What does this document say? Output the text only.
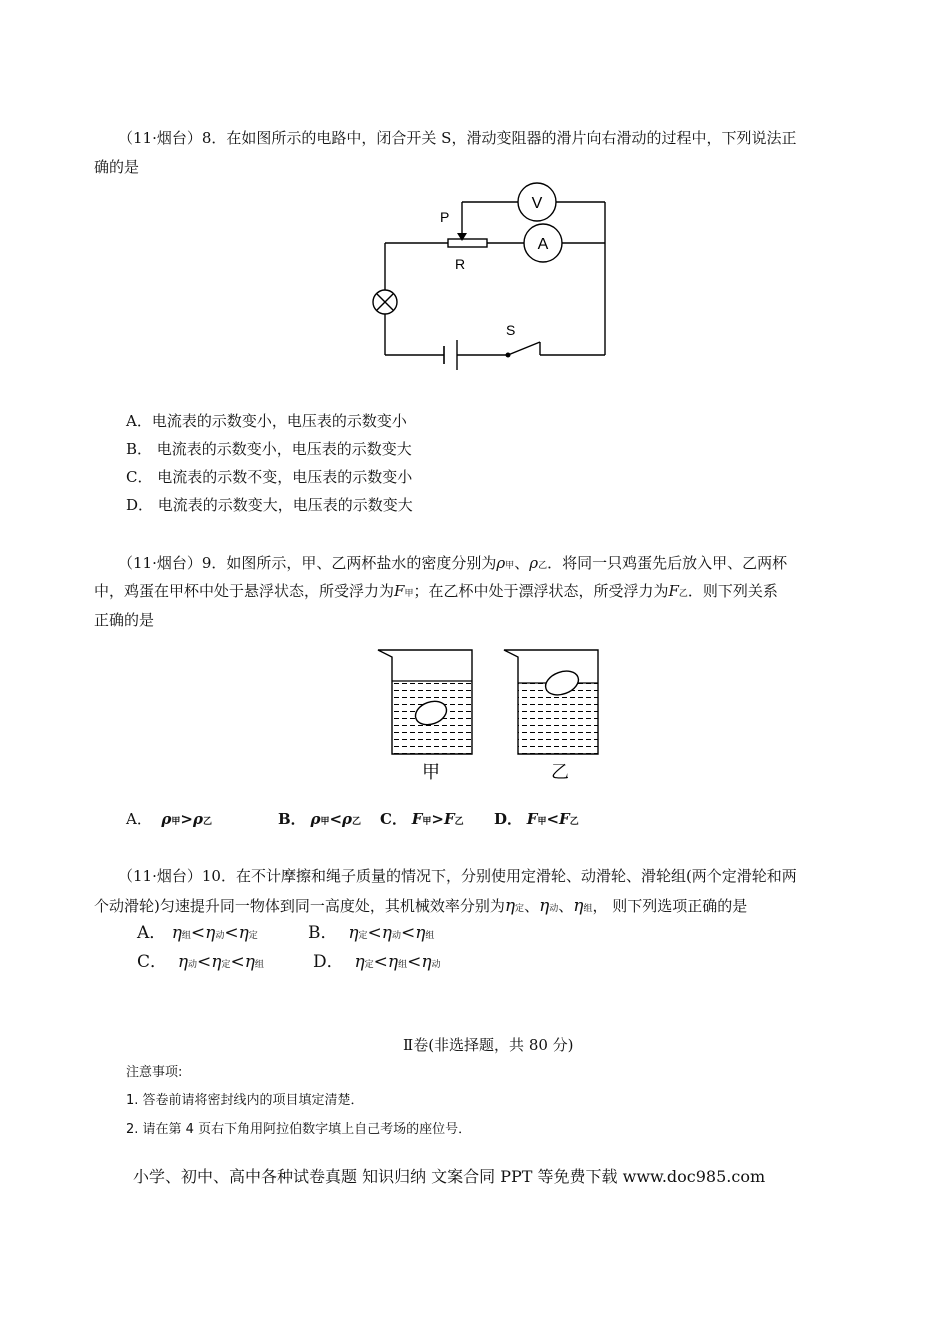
（11·烟台）8．在如图所示的电路中，闭合开关 S，滑动变阻器的滑片向右滑动的过程中，下列说法正
确的是
V
A
P
R
S
A．电流表的示数变小，电压表的示数变小
B． 电流表的示数变小，电压表的示数变大
C． 电流表的示数不变，电压表的示数变小
D． 电流表的示数变大，电压表的示数变大
（11·烟台）9．如图所示，甲、乙两杯盐水的密度分别为ρ甲、ρ乙．将同一只鸡蛋先后放入甲、乙两杯
中，鸡蛋在甲杯中处于悬浮状态，所受浮力为F甲；在乙杯中处于漂浮状态，所受浮力为F乙．则下列关系
正确的是
甲	乙
A． ρ甲>ρ乙	B． ρ甲<ρ乙 C． F甲>F乙 D． F甲<F乙
（11·烟台）10．在不计摩擦和绳子质量的情况下，分别使用定滑轮、动滑轮、滑轮组(两个定滑轮和两
个动滑轮)匀速提升同一物体到同一高度处，其机械效率分别为η定、η动、η组， 则下列选项正确的是
A． η组<η动<η定	B． η定<η动<η组
C． η动<η定<η组	D． η定<η组<η动
Ⅱ卷(非选择题，共 80 分)
注意事项:
1. 答卷前请将密封线内的项目填定清楚．
2. 请在第 4 页右下角用阿拉伯数字填上自己考场的座位号．
小学、初中、高中各种试卷真题 知识归纳 文案合同 PPT 等免费下载 www.doc985.com
